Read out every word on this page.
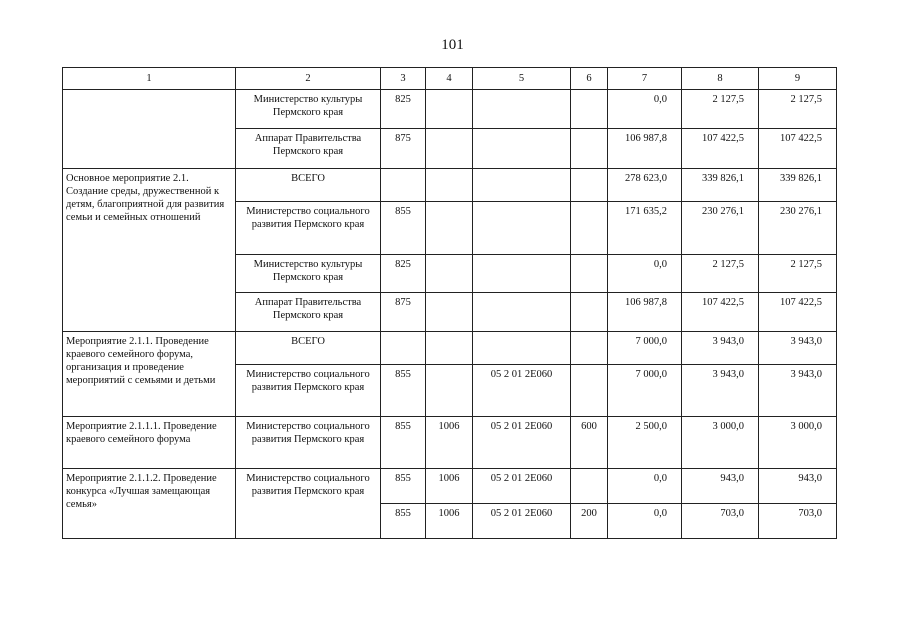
101
1	2	3	4	5	6	7	8	9
	Министерство культуры Пермского края	825				0,0	2 127,5	2 127,5
	Аппарат Правительства Пермского края	875				106 987,8	107 422,5	107 422,5
Основное мероприятие 2.1. Создание среды, дружественной к детям, благоприятной для развития семьи и семейных отношений	ВСЕГО					278 623,0	339 826,1	339 826,1
	Министерство социального развития Пермского края	855				171 635,2	230 276,1	230 276,1
	Министерство культуры Пермского края	825				0,0	2 127,5	2 127,5
	Аппарат Правительства Пермского края	875				106 987,8	107 422,5	107 422,5
Мероприятие 2.1.1. Проведение краевого семейного форума, организация и проведение мероприятий с семьями и детьми	ВСЕГО					7 000,0	3 943,0	3 943,0
	Министерство социального развития Пермского края	855		05 2 01 2Е060		7 000,0	3 943,0	3 943,0
Мероприятие 2.1.1.1. Проведение краевого семейного форума	Министерство социального развития Пермского края	855	1006	05 2 01 2Е060	600	2 500,0	3 000,0	3 000,0
Мероприятие 2.1.1.2. Проведение конкурса «Лучшая замещающая семья»	Министерство социального развития Пермского края	855	1006	05 2 01 2Е060		0,0	943,0	943,0
		855	1006	05 2 01 2Е060	200	0,0	703,0	703,0
